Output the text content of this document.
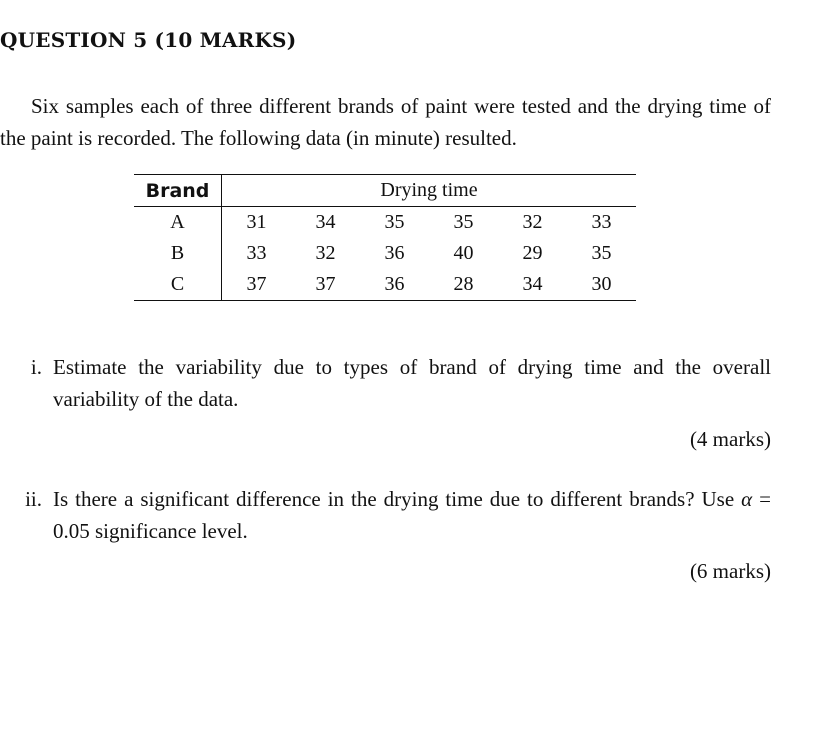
QUESTION 5 (10 MARKS)

Six samples each of three different brands of paint were tested and the drying time of the paint is recorded. The following data (in minute) resulted.

Brand	Drying time					
A	31	34	35	35	32	33
B	33	32	36	40	29	35
C	37	37	36	28	34	30
i. Estimate the variability due to types of brand of drying time and the overall variability of the data.
(4 marks)
ii. Is there a significant difference in the drying time due to different brands? Use α = 0.05 significance level.
(6 marks)
